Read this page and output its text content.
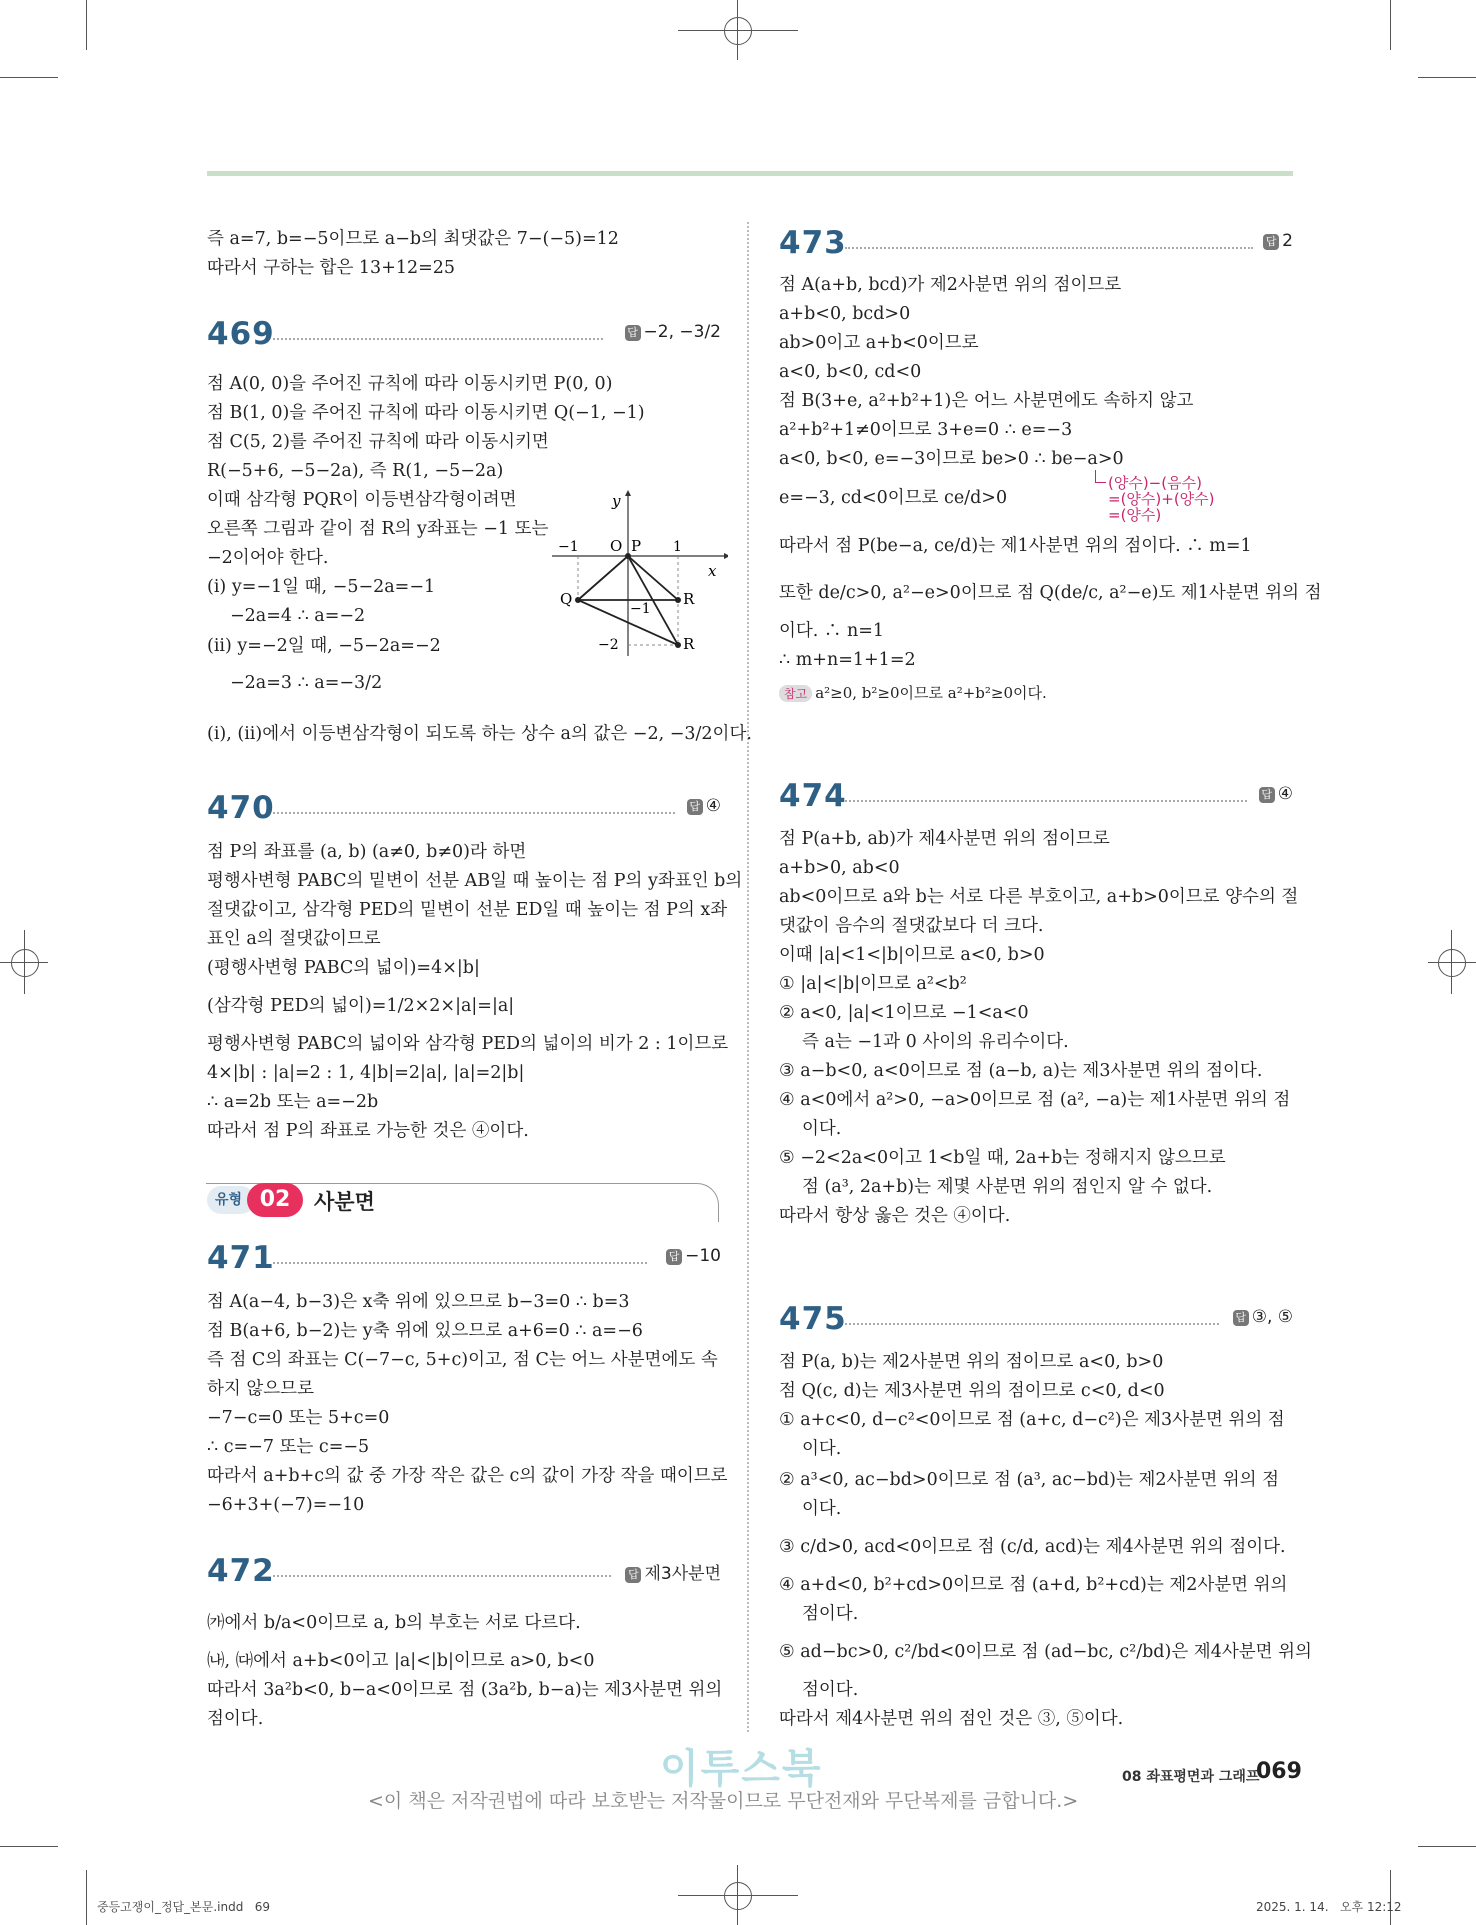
즉 a=7, b=−5이므로 a−b의 최댓값은 7−(−5)=12
따라서 구하는 합은 13+12=25
469	답 −2, −3/2
점 A(0, 0)을 주어진 규칙에 따라 이동시키면 P(0, 0)
점 B(1, 0)을 주어진 규칙에 따라 이동시키면 Q(−1, −1)
점 C(5, 2)를 주어진 규칙에 따라 이동시키면
R(−5+6, −5−2a), 즉 R(1, −5−2a)
이때 삼각형 PQR이 이등변삼각형이려면
오른쪽 그림과 같이 점 R의 y좌표는 −1 또는
−2이어야 한다.
(i) y=−1일 때, −5−2a=−1
−2a=4 ∴ a=−2
(ii) y=−2일 때, −5−2a=−2
−2a=3 ∴ a=−3/2
(i), (ii)에서 이등변삼각형이 되도록 하는 상수 a의 값은 −2, −3/2이다.
y
x
O P
−1	1
Q	R
−1
−2	R
470	답 ④
점 P의 좌표를 (a, b) (a≠0, b≠0)라 하면
평행사변형 PABC의 밑변이 선분 AB일 때 높이는 점 P의 y좌표인 b의
절댓값이고, 삼각형 PED의 밑변이 선분 ED일 때 높이는 점 P의 x좌
표인 a의 절댓값이므로
(평행사변형 PABC의 넓이)=4×|b|
(삼각형 PED의 넓이)=1/2×2×|a|=|a|
평행사변형 PABC의 넓이와 삼각형 PED의 넓이의 비가 2 : 1이므로
4×|b| : |a|=2 : 1, 4|b|=2|a|, |a|=2|b|
∴ a=2b 또는 a=−2b
따라서 점 P의 좌표로 가능한 것은 ④이다.
유형 02	사분면
471	답 −10
점 A(a−4, b−3)은 x축 위에 있으므로 b−3=0 ∴ b=3
점 B(a+6, b−2)는 y축 위에 있으므로 a+6=0 ∴ a=−6
즉 점 C의 좌표는 C(−7−c, 5+c)이고, 점 C는 어느 사분면에도 속
하지 않으므로
−7−c=0 또는 5+c=0
∴ c=−7 또는 c=−5
따라서 a+b+c의 값 중 가장 작은 값은 c의 값이 가장 작을 때이므로
−6+3+(−7)=−10
472	답 제3사분면
㈎에서 b/a<0이므로 a, b의 부호는 서로 다르다.
㈏, ㈐에서 a+b<0이고 |a|<|b|이므로 a>0, b<0
따라서 3a²b<0, b−a<0이므로 점 (3a²b, b−a)는 제3사분면 위의
점이다.
473	답 2
점 A(a+b, bcd)가 제2사분면 위의 점이므로
a+b<0, bcd>0
ab>0이고 a+b<0이므로
a<0, b<0, cd<0
점 B(3+e, a²+b²+1)은 어느 사분면에도 속하지 않고
a²+b²+1≠0이므로 3+e=0 ∴ e=−3
a<0, b<0, e=−3이므로 be>0 ∴ be−a>0
(양수)−(음수)
=(양수)+(양수)
=(양수)
e=−3, cd<0이므로 ce/d>0
따라서 점 P(be−a, ce/d)는 제1사분면 위의 점이다. ∴ m=1
또한 de/c>0, a²−e>0이므로 점 Q(de/c, a²−e)도 제1사분면 위의 점
이다. ∴ n=1
∴ m+n=1+1=2
참고 a²≥0, b²≥0이므로 a²+b²≥0이다.
474	답 ④
점 P(a+b, ab)가 제4사분면 위의 점이므로
a+b>0, ab<0
ab<0이므로 a와 b는 서로 다른 부호이고, a+b>0이므로 양수의 절
댓값이 음수의 절댓값보다 더 크다.
이때 |a|<1<|b|이므로 a<0, b>0
① |a|<|b|이므로 a²<b²
② a<0, |a|<1이므로 −1<a<0
즉 a는 −1과 0 사이의 유리수이다.
③ a−b<0, a<0이므로 점 (a−b, a)는 제3사분면 위의 점이다.
④ a<0에서 a²>0, −a>0이므로 점 (a², −a)는 제1사분면 위의 점
이다.
⑤ −2<2a<0이고 1<b일 때, 2a+b는 정해지지 않으므로
점 (a³, 2a+b)는 제몇 사분면 위의 점인지 알 수 없다.
따라서 항상 옳은 것은 ④이다.
475	답 ③, ⑤
점 P(a, b)는 제2사분면 위의 점이므로 a<0, b>0
점 Q(c, d)는 제3사분면 위의 점이므로 c<0, d<0
① a+c<0, d−c²<0이므로 점 (a+c, d−c²)은 제3사분면 위의 점
이다.
② a³<0, ac−bd>0이므로 점 (a³, ac−bd)는 제2사분면 위의 점
이다.
③ c/d>0, acd<0이므로 점 (c/d, acd)는 제4사분면 위의 점이다.
④ a+d<0, b²+cd>0이므로 점 (a+d, b²+cd)는 제2사분면 위의
점이다.
⑤ ad−bc>0, c²/bd<0이므로 점 (ad−bc, c²/bd)은 제4사분면 위의
점이다.
따라서 제4사분면 위의 점인 것은 ③, ⑤이다.
이투스북	08 좌표평면과 그래프
069
<이 책은 저작권법에 따라 보호받는 저작물이므로 무단전재와 무단복제를 금합니다.>
중등고쟁이_정답_본문.indd   69	2025. 1. 14.   오후 12:12
